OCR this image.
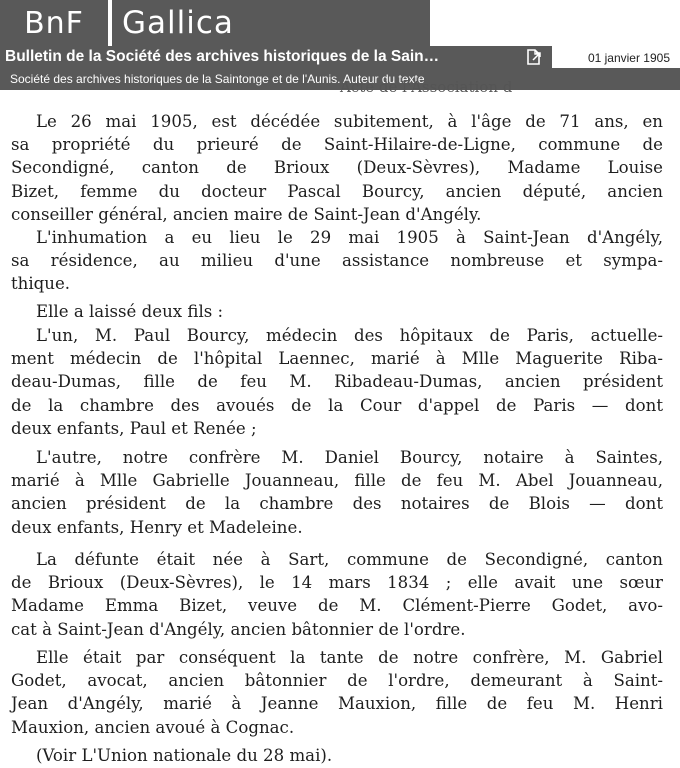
BnF	Gallica
Bulletin de la Société des archives historiques de la Sain…	01 janvier 1905
Société des archives historiques de la Saintonge et de l'Aunis. Auteur du texte
Acte de l'Association d

Le 26 mai 1905, est décédée subitement, à l'âge de 71 ans, en
sa propriété du prieuré de Saint-Hilaire-de-Ligne, commune de
Secondigné, canton de Brioux (Deux-Sèvres), Madame Louise
Bizet, femme du docteur Pascal Bourcy, ancien député, ancien
conseiller général, ancien maire de Saint-Jean d'Angély.

L'inhumation a eu lieu le 29 mai 1905 à Saint-Jean d'Angély,
sa résidence, au milieu d'une assistance nombreuse et sympa-
thique.

Elle a laissé deux fils :

L'un, M. Paul Bourcy, médecin des hôpitaux de Paris, actuelle-
ment médecin de l'hôpital Laennec, marié à Mlle Maguerite Riba-
deau-Dumas, fille de feu M. Ribadeau-Dumas, ancien président
de la chambre des avoués de la Cour d'appel de Paris — dont
deux enfants, Paul et Renée ;

L'autre, notre confrère M. Daniel Bourcy, notaire à Saintes,
marié à Mlle Gabrielle Jouanneau, fille de feu M. Abel Jouanneau,
ancien président de la chambre des notaires de Blois — dont
deux enfants, Henry et Madeleine.

La défunte était née à Sart, commune de Secondigné, canton
de Brioux (Deux-Sèvres), le 14 mars 1834 ; elle avait une sœur
Madame Emma Bizet, veuve de M. Clément-Pierre Godet, avo-
cat à Saint-Jean d'Angély, ancien bâtonnier de l'ordre.

Elle était par conséquent la tante de notre confrère, M. Gabriel
Godet, avocat, ancien bâtonnier de l'ordre, demeurant à Saint-
Jean d'Angély, marié à Jeanne Mauxion, fille de feu M. Henri
Mauxion, ancien avoué à Cognac.

(Voir L'Union nationale du 28 mai).
